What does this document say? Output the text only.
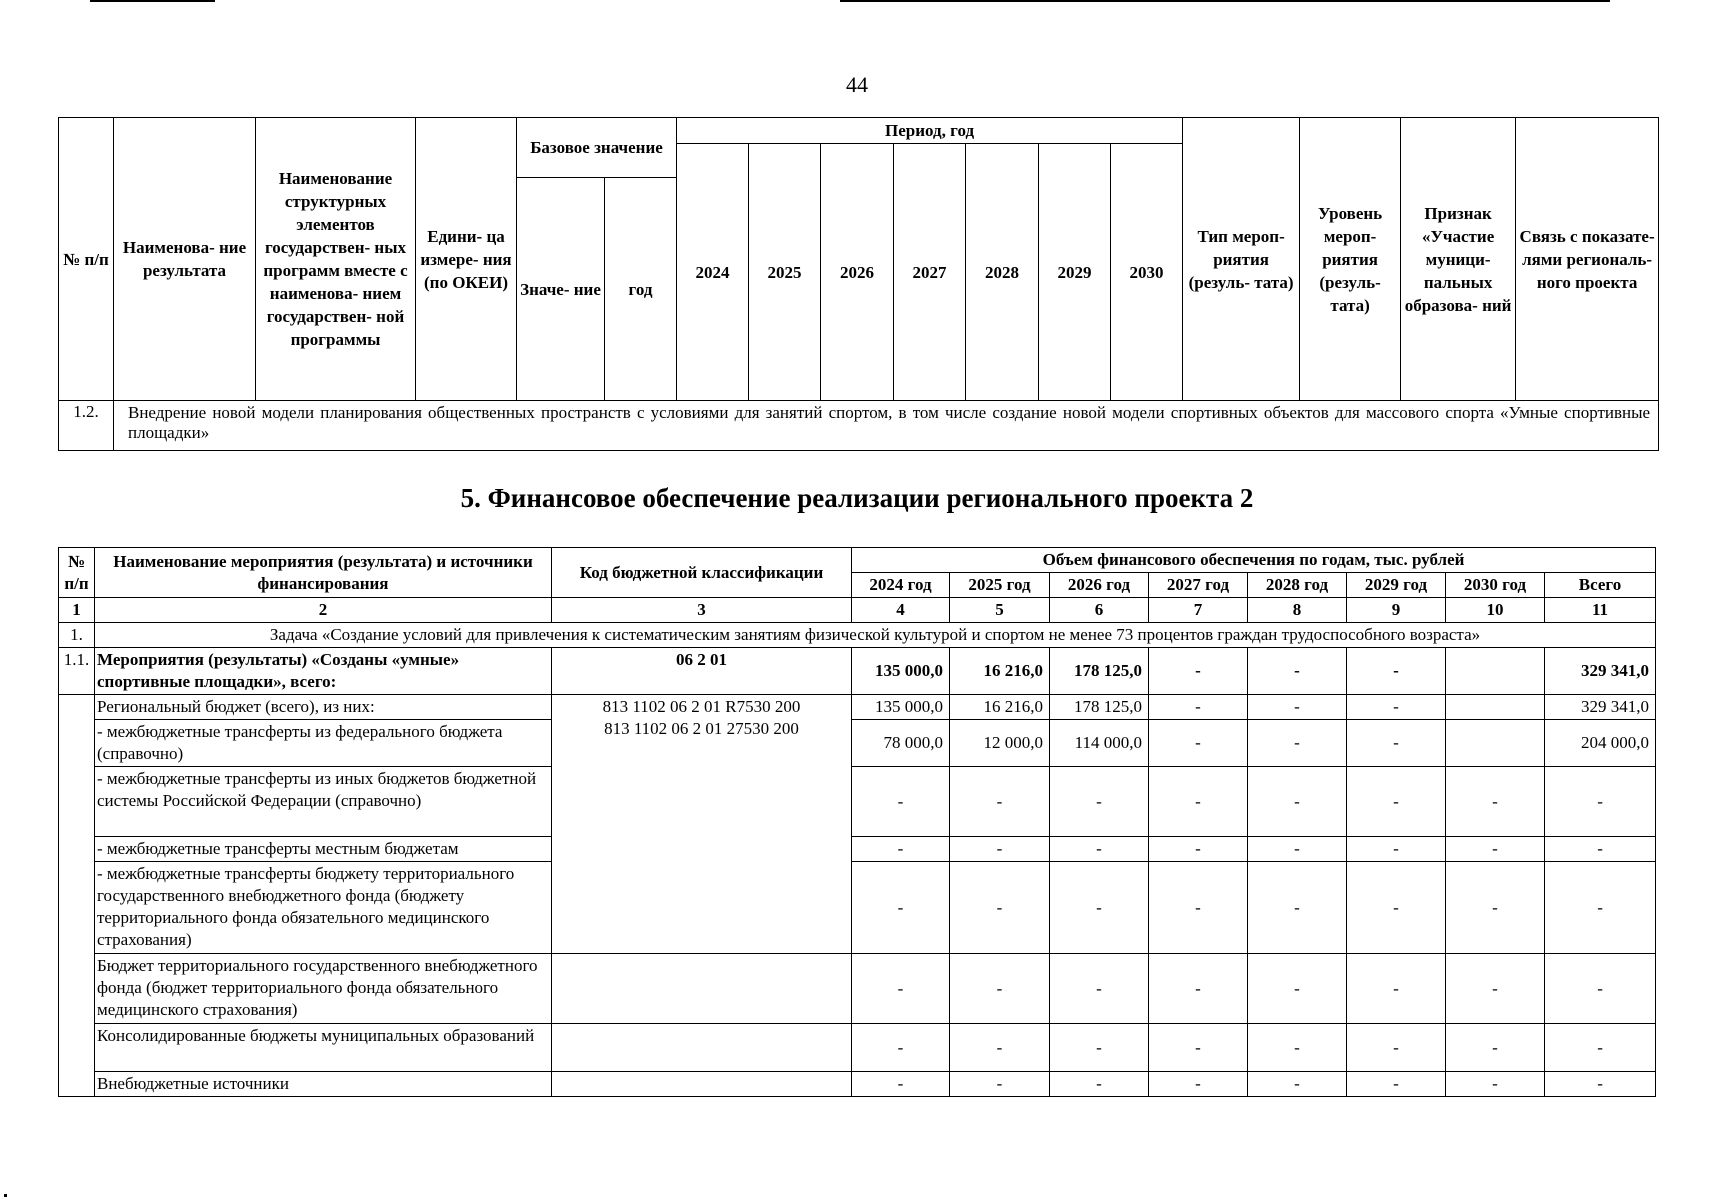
44
№ п/п	Наименова- ние результата	Наименование структурных элементов государствен- ных программ вместе с наименова- нием государствен- ной программы	Едини- ца измере- ния (по ОКЕИ)	Базовое значение		Период, год							Тип мероп- риятия (резуль- тата)	Уровень мероп- риятия (резуль- тата)	Признак «Участие муници- пальных образова- ний	Связь с показате- лями региональ- ного проекта
						2024	2025	2026	2027	2028	2029	2030				
				Значе- ние	год											
1.2.	Внедрение новой модели планирования общественных пространств с условиями для занятий спортом, в том числе создание новой модели спортивных объектов для массового спорта «Умные спортивные площадки»															
5. Финансовое обеспечение реализации регионального проекта 2
№ п/п	Наименование мероприятия (результата) и источники финансирования	Код бюджетной классификации	Объем финансового обеспечения по годам, тыс. рублей							
			2024 год	2025 год	2026 год	2027 год	2028 год	2029 год	2030 год	Всего
1	2	3	4	5	6	7	8	9	10	11
1.	Задача «Создание условий для привлечения к систематическим занятиям физической культурой и спортом не менее 73 процентов граждан трудоспособного возраста»									
1.1.	Мероприятия (результаты) «Созданы «умные» спортивные площадки», всего:	06 2 01	135 000,0	16 216,0	178 125,0	-	-	-		329 341,0
	Региональный бюджет (всего), из них:	813 1102 06 2 01 R7530 200
813 1102 06 2 01 27530 200	135 000,0	16 216,0	178 125,0	-	-	-		329 341,0
	- межбюджетные трансферты из федерального бюджета (справочно)		78 000,0	12 000,0	114 000,0	-	-	-		204 000,0
	- межбюджетные трансферты из иных бюджетов бюджетной системы Российской Федерации (справочно)		-	-	-	-	-	-	-	-
	- межбюджетные трансферты местным бюджетам		-	-	-	-	-	-	-	-
	- межбюджетные трансферты бюджету территориального государственного внебюджетного фонда (бюджету территориального фонда обязательного медицинского страхования)		-	-	-	-	-	-	-	-
	Бюджет территориального государственного внебюджетного фонда (бюджет территориального фонда обязательного медицинского страхования)		-	-	-	-	-	-	-	-
	Консолидированные бюджеты муниципальных образований		-	-	-	-	-	-	-	-
	Внебюджетные источники		-	-	-	-	-	-	-	-
